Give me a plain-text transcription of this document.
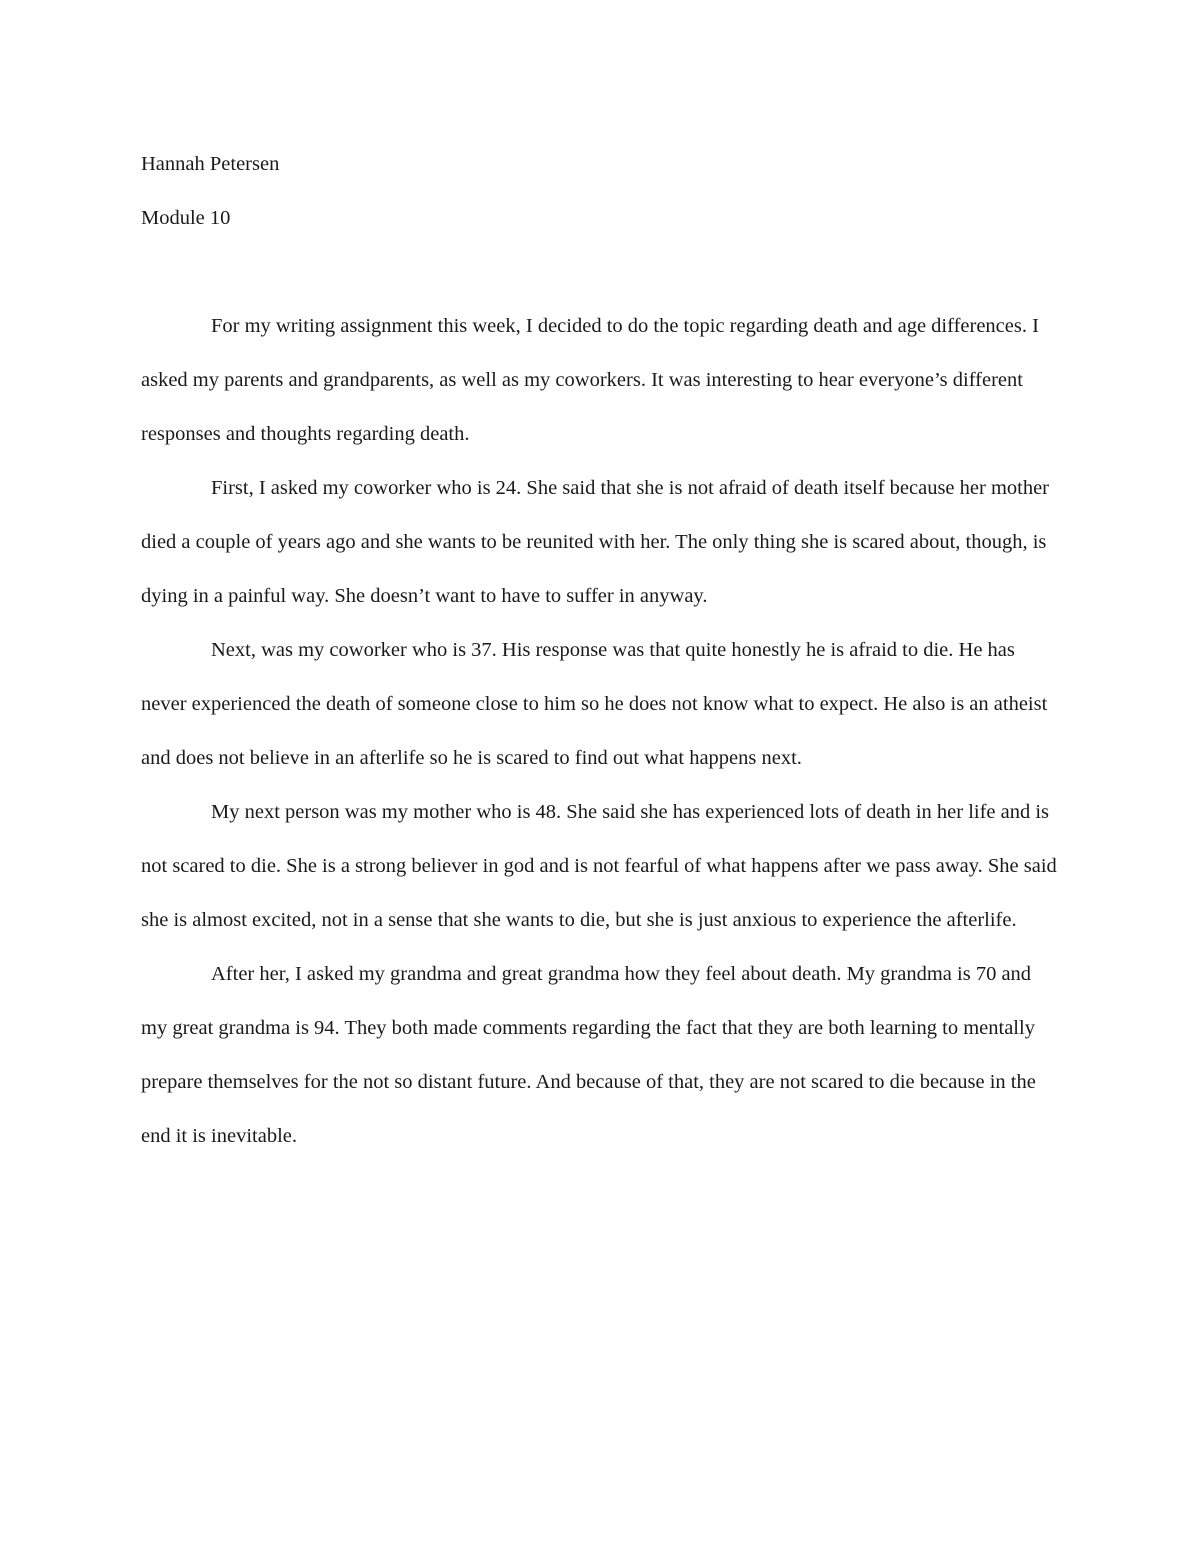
Hannah Petersen

Module 10

For my writing assignment this week, I decided to do the topic regarding death and age differences. I asked my parents and grandparents, as well as my coworkers. It was interesting to hear everyone’s different responses and thoughts regarding death.

First, I asked my coworker who is 24. She said that she is not afraid of death itself because her mother died a couple of years ago and she wants to be reunited with her. The only thing she is scared about, though, is dying in a painful way. She doesn’t want to have to suffer in anyway.

Next, was my coworker who is 37. His response was that quite honestly he is afraid to die. He has never experienced the death of someone close to him so he does not know what to expect. He also is an atheist and does not believe in an afterlife so he is scared to find out what happens next.

My next person was my mother who is 48. She said she has experienced lots of death in her life and is not scared to die. She is a strong believer in god and is not fearful of what happens after we pass away. She said she is almost excited, not in a sense that she wants to die, but she is just anxious to experience the afterlife.

After her, I asked my grandma and great grandma how they feel about death. My grandma is 70 and my great grandma is 94. They both made comments regarding the fact that they are both learning to mentally prepare themselves for the not so distant future. And because of that, they are not scared to die because in the end it is inevitable.
